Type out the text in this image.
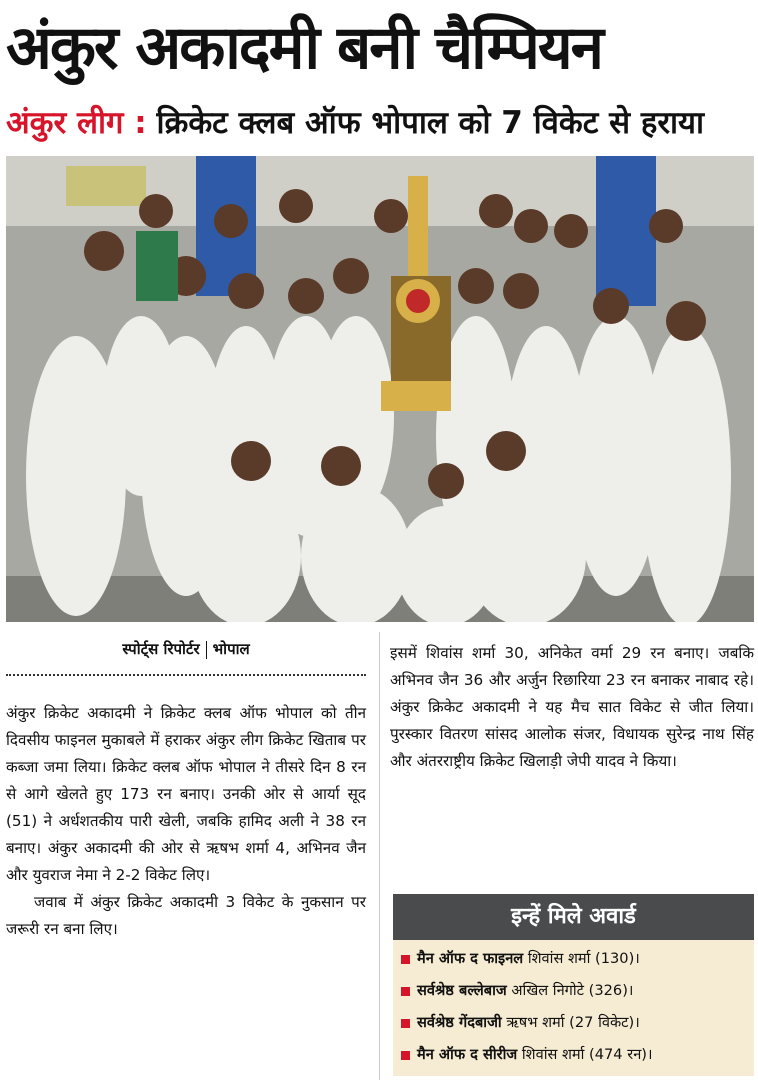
अंकुर अकादमी बनी चैम्पियन
अंकुर लीग : क्रिकेट क्लब ऑफ भोपाल को 7 विकेट से हराया
स्पोर्ट्स रिपोर्टर भोपाल

अंकुर क्रिकेट अकादमी ने क्रिकेट क्लब ऑफ भोपाल को तीन दिवसीय फाइनल मुकाबले में हराकर अंकुर लीग क्रिकेट खिताब पर कब्जा जमा लिया। क्रिकेट क्लब ऑफ भोपाल ने तीसरे दिन 8 रन से आगे खेलते हुए 173 रन बनाए। उनकी ओर से आर्या सूद (51) ने अर्धशतकीय पारी खेली, जबकि हामिद अली ने 38 रन बनाए। अंकुर अकादमी की ओर से ऋषभ शर्मा 4, अभिनव जैन और युवराज नेमा ने 2-2 विकेट लिए।

जवाब में अंकुर क्रिकेट अकादमी 3 विकेट के नुकसान पर जरूरी रन बना लिए।

इसमें शिवांस शर्मा 30, अनिकेत वर्मा 29 रन बनाए। जबकि अभिनव जैन 36 और अर्जुन रिछारिया 23 रन बनाकर नाबाद रहे। अंकुर क्रिकेट अकादमी ने यह मैच सात विकेट से जीत लिया। पुरस्कार वितरण सांसद आलोक संजर, विधायक सुरेन्द्र नाथ सिंह और अंतरराष्ट्रीय क्रिकेट खिलाड़ी जेपी यादव ने किया।

इन्हें मिले अवार्ड
मैन ऑफ द फाइनल शिवांस शर्मा (130)।
सर्वश्रेष्ठ बल्लेबाज अखिल निगोटे (326)।
सर्वश्रेष्ठ गेंदबाजी ऋषभ शर्मा (27 विकेट)।
मैन ऑफ द सीरीज शिवांस शर्मा (474 रन)।
